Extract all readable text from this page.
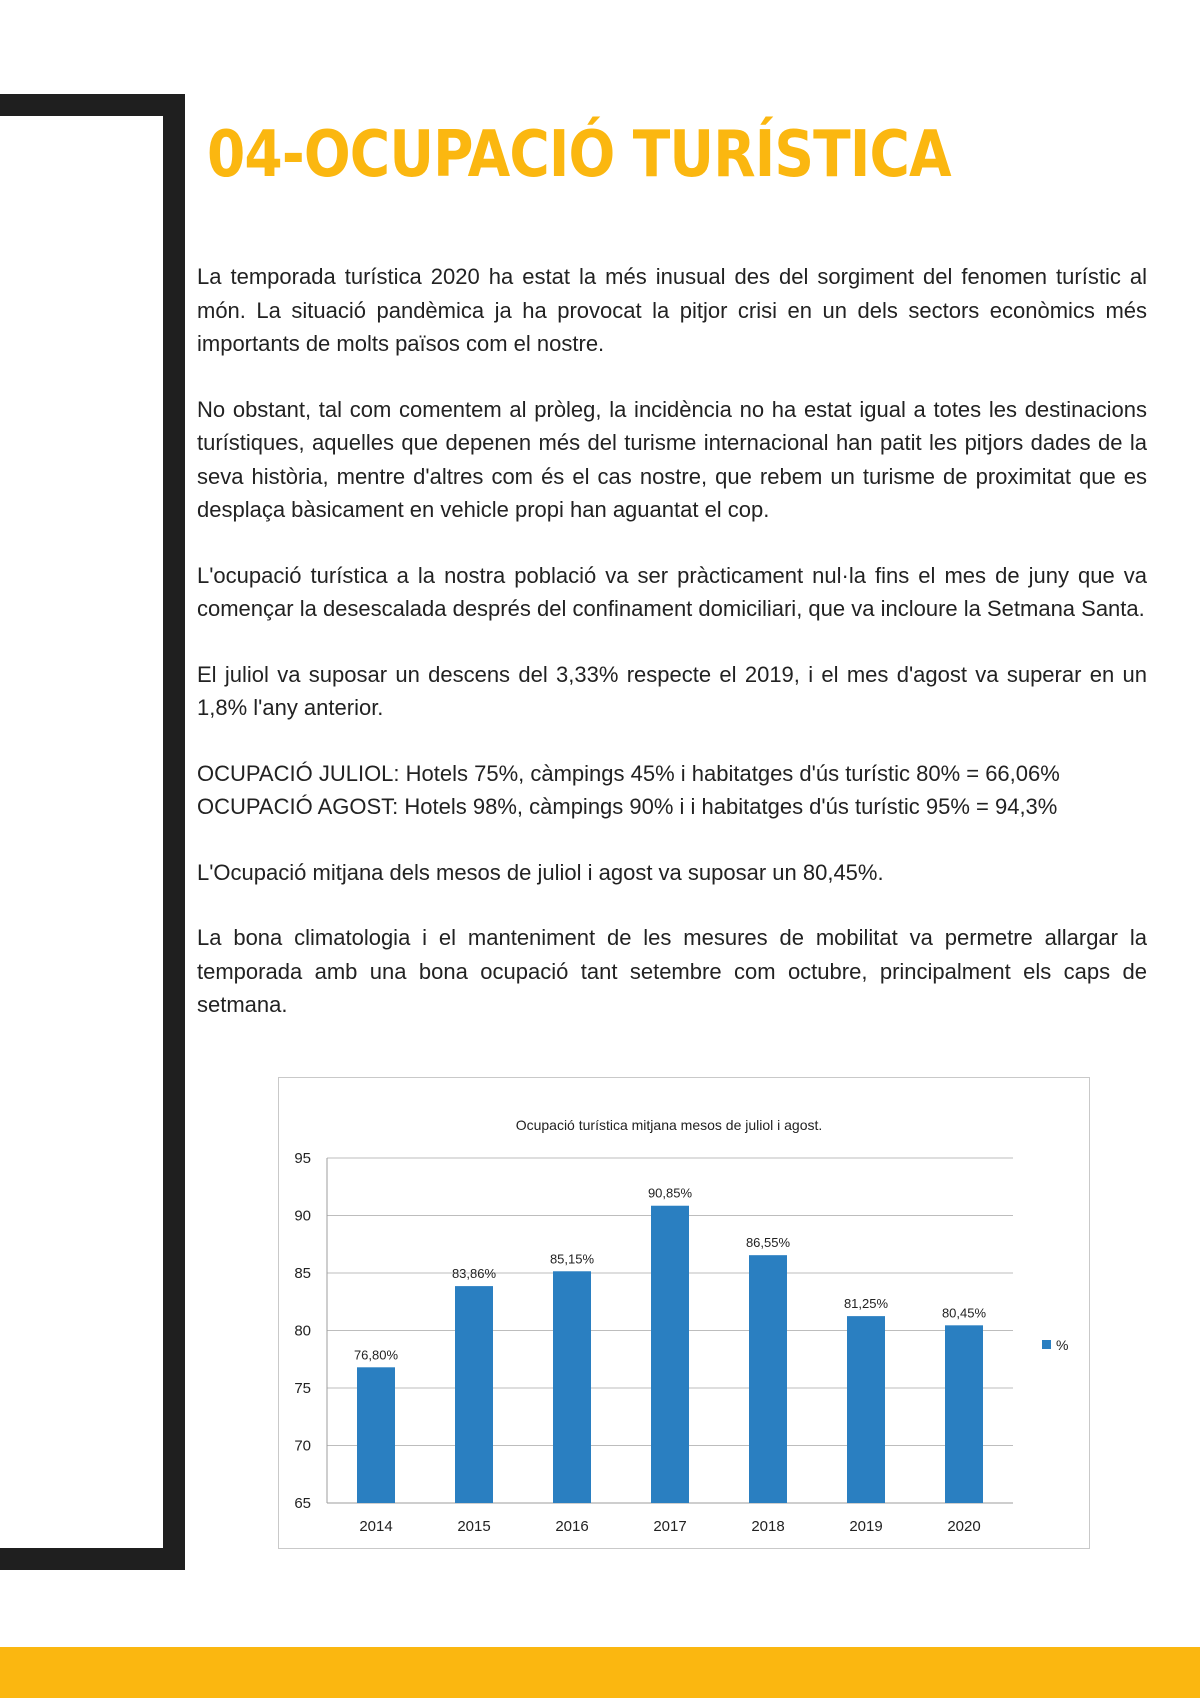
04-OCUPACIÓ TURÍSTICA

La temporada turística 2020 ha estat la més inusual des del sorgiment del fenomen turístic al món. La situació pandèmica ja ha provocat la pitjor crisi en un dels sectors econòmics més importants de molts països com el nostre.

No obstant, tal com comentem al pròleg, la incidència no ha estat igual a totes les destinacions turístiques, aquelles que depenen més del turisme internacional han patit les pitjors dades de la seva història, mentre d'altres com és el cas nostre, que rebem un turisme de proximitat que es desplaça bàsicament en vehicle propi han aguantat el cop.

L'ocupació turística a la nostra població va ser pràcticament nul·la fins el mes de juny que va començar la desescalada després del confinament domiciliari, que va incloure la Setmana Santa.

El juliol va suposar un descens del 3,33% respecte el 2019, i el mes d'agost va superar en un 1,8% l'any anterior.

OCUPACIÓ JULIOL: Hotels 75%, càmpings 45% i habitatges d'ús turístic 80% = 66,06%

OCUPACIÓ AGOST: Hotels 98%, càmpings 90% i i habitatges d'ús turístic 95% = 94,3%

L'Ocupació mitjana dels mesos de juliol i agost va suposar un 80,45%.

La bona climatologia i el manteniment de les mesures de mobilitat va permetre allargar la temporada amb una bona ocupació tant setembre com octubre, principalment els caps de setmana.

Ocupació turística mitjana mesos de juliol i agost.
65
70
75
80
85
90
95
76,80%
2014
83,86%
2015
85,15%
2016
90,85%
2017
86,55%
2018
81,25%
2019
80,45%
2020
%
